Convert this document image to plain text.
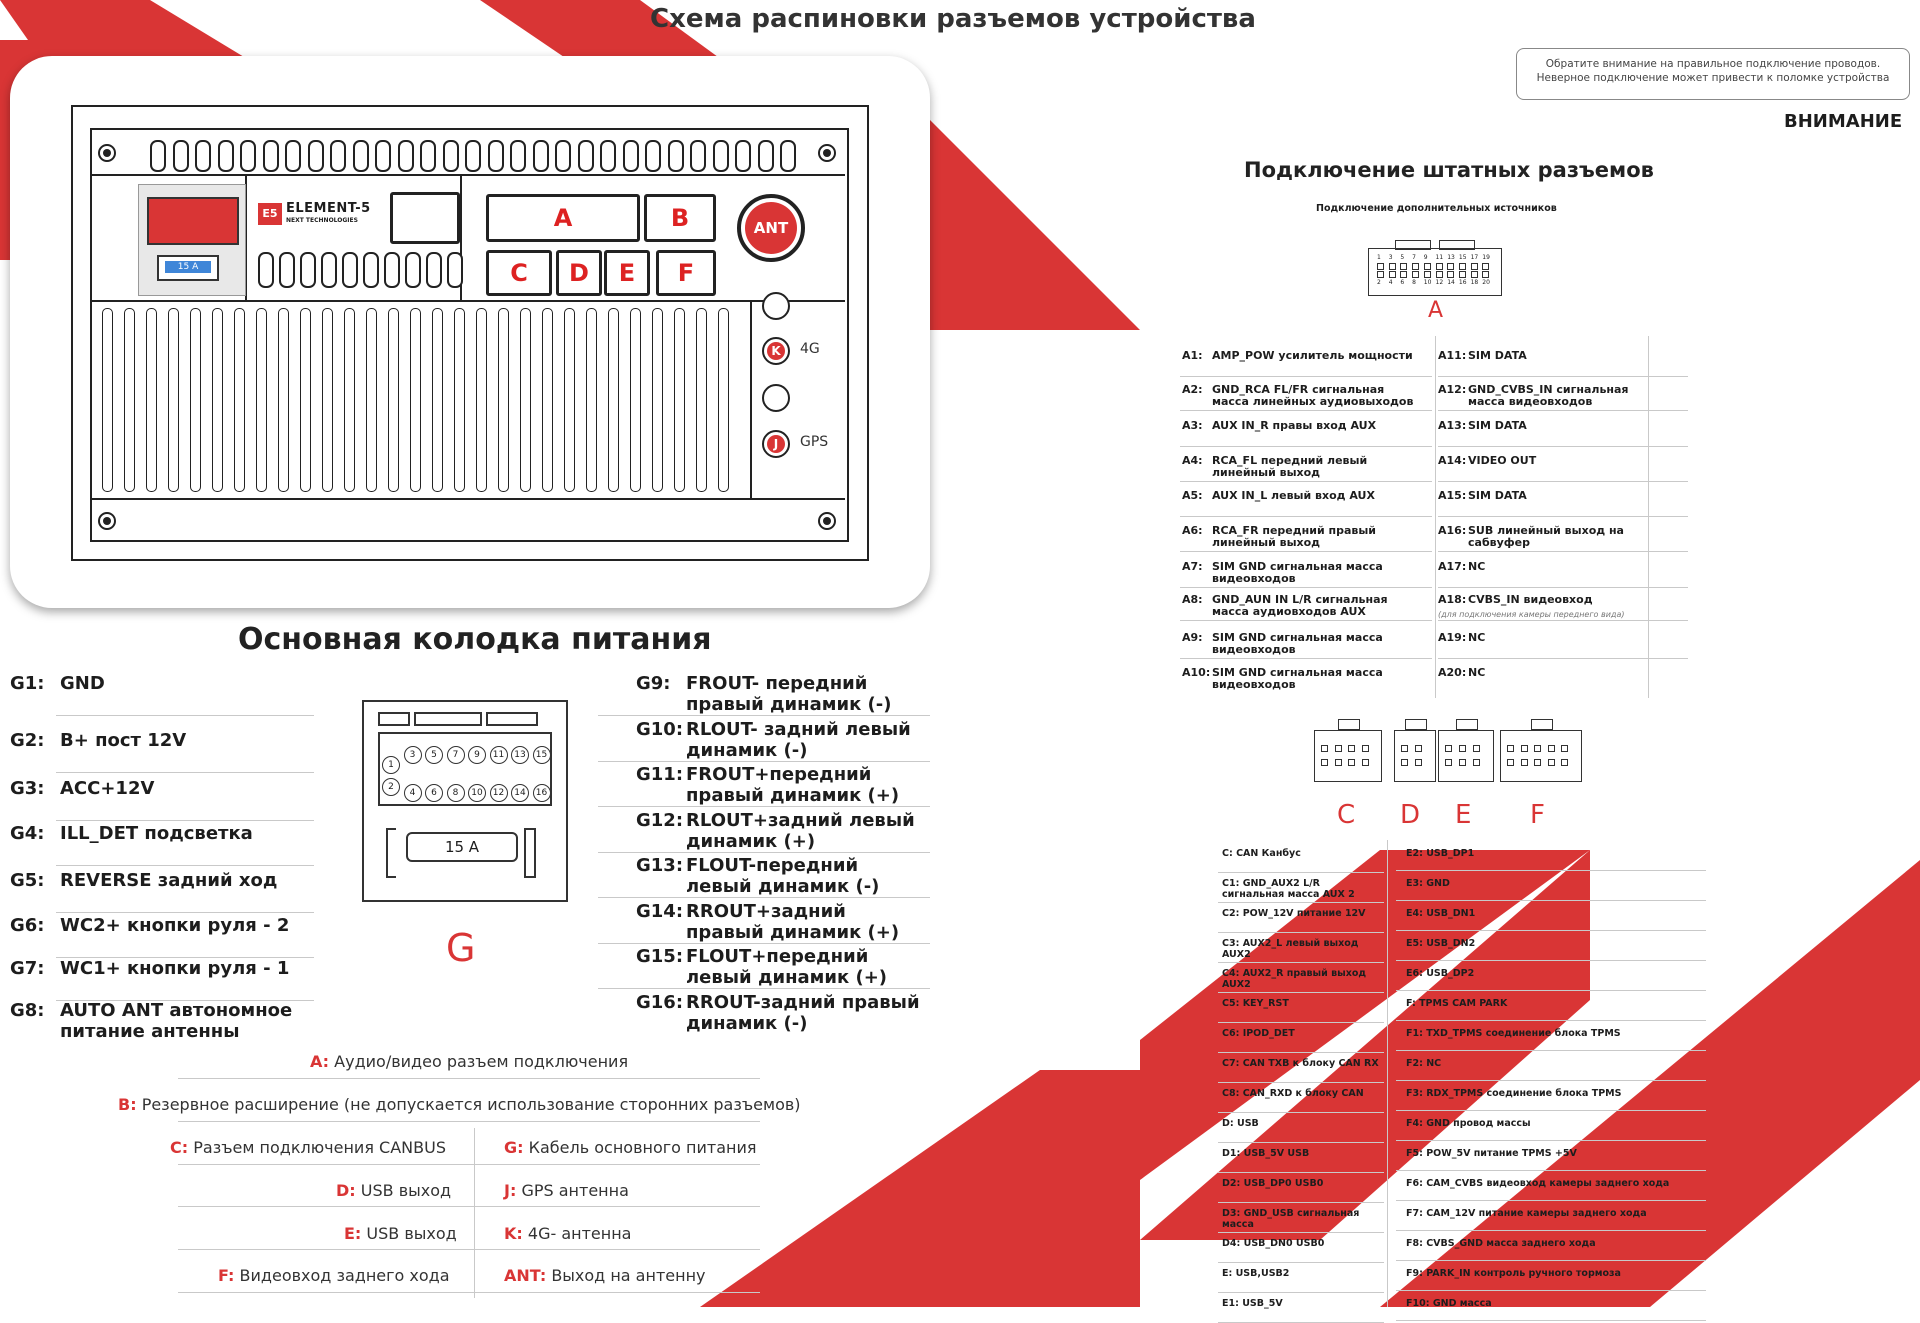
Схема распиновки разъемов устройства
Обратите внимание на правильное подключение проводов. Неверное подключение может привести к поломке устройства
ВНИМАНИЕ
15 A
E5 ELEMENT-5
NEXT TECHNOLOGIES	A	B
C	D	E	F
ANT
K	4G
J	GPS
Основная колодка питания
G1: GND
G2: B+ пост 12V
G3: ACC+12V
G4: ILL_DET подсветка
G5: REVERSE задний ход
G6: WC2+ кнопки руля - 2
G7: WC1+ кнопки руля - 1
G8: AUTO ANT автономное питание антенны
G9: FROUT- передний правый динамик (-)
G10: RLOUT- задний левый динамик (-)
G11: FROUT+передний правый динамик (+)
G12: RLOUT+задний левый динамик (+)
G13: FLOUT-передний левый динамик (-)
G14: RROUT+задний правый динамик (+)
G15: FLOUT+передний левый динамик (+)
G16: RROUT-задний правый динамик (-)
1
2
3
4
5
6
7
8
9
10
11
12
13
14
15
16
15 A
G
A: Аудио/видео разъем подключения
B: Резервное расширение (не допускается использование сторонних разъемов)
C: Разъем подключения CANBUS	G: Кабель основного питания
D: USB выход	J: GPS антенна
E: USB выход	K: 4G- антенна
F: Видеовход заднего хода	ANT: Выход на антенну
Подключение штатных разъемов
Подключение дополнительных источников
1
2
3
4
5
6
7
8
9
10
11
12
13
14
15
16
17
18
19
20
A
A1: AMP_POW усилитель мощности
A2: GND_RCA FL/FR сигнальная масса линейных аудиовыходов
A3: AUX IN_R правы вход AUX
A4: RCA_FL передний левый линейный выход
A5: AUX IN_L левый вход AUX
A6: RCA_FR передний правый линейный выход
A7: SIM GND сигнальная масса видеовходов
A8: GND_AUN IN L/R сигнальная масса аудиовходов AUX
A9: SIM GND сигнальная масса видеовходов
A10: SIM GND сигнальная масса видеовходов
A11: SIM DATA
A12: GND_CVBS_IN сигнальная масса видеовходов
A13: SIM DATA
A14: VIDEO OUT
A15: SIM DATA
A16: SUB линейный выход на сабвуфер
A17: NC
A18: CVBS_IN видеовход
A19: NC
A20: NC
(для подключения камеры переднего вида)
C D E F
C: CAN Канбус
C1: GND_AUX2 L/R сигнальная масса AUX 2
C2: POW_12V питание 12V
C3: AUX2_L левый выход AUX2
C4: AUX2_R правый выход AUX2
C5: KEY_RST
C6: IPOD_DET
C7: CAN TXB к блоку CAN RX
C8: CAN_RXD к блоку CAN
D: USB
D1: USB_5V USB
D2: USB_DP0 USB0
D3: GND_USB сигнальная масса
D4: USB_DN0 USB0
E: USB,USB2
E1: USB_5V
E2: USB_DP1
E3: GND
E4: USB_DN1
E5: USB_DN2
E6: USB_DP2
F: TPMS CAM PARK
F1: TXD_TPMS соединение блока TPMS
F2: NC
F3: RDX_TPMS соединение блока TPMS
F4: GND провод массы
F5: POW_5V питание TPMS +5V
F6: CAM_CVBS видеовход камеры заднего хода
F7: CAM_12V питание камеры заднего хода
F8: CVBS_GND масса заднего хода
F9: PARK_IN контроль ручного тормоза
F10: GND масса
